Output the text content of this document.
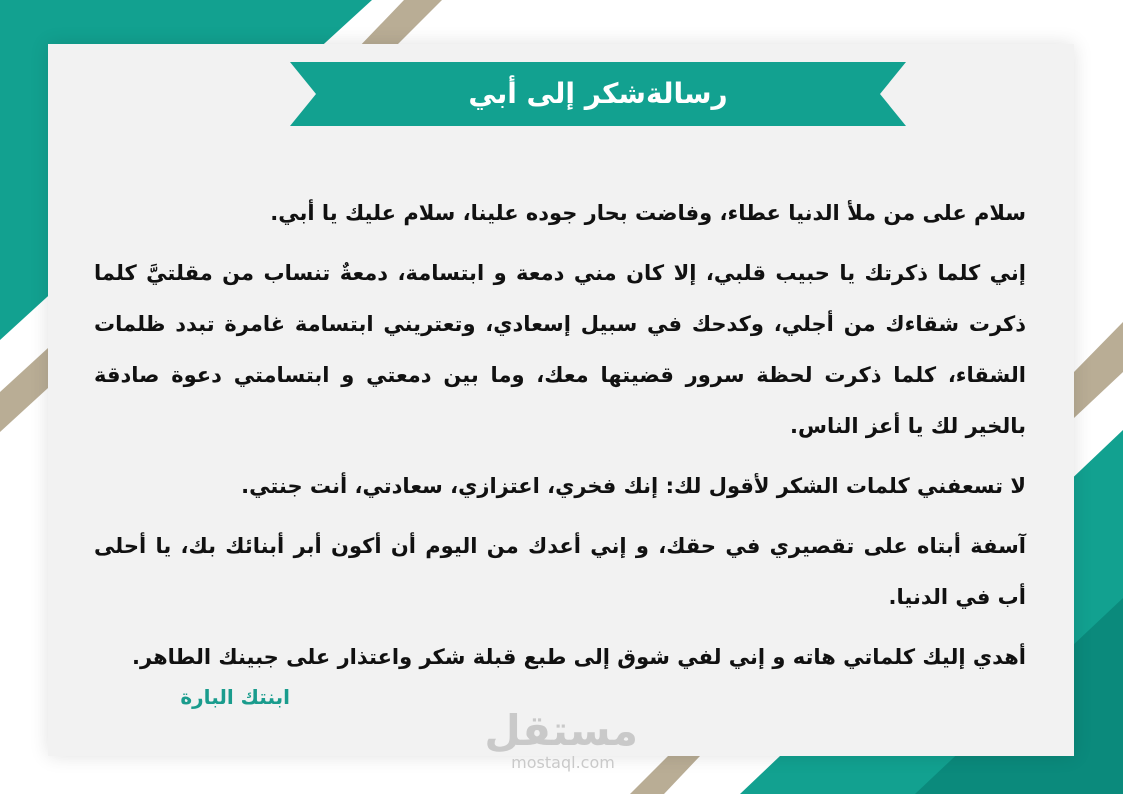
رسالةشكر إلى أبي

سلام على من ملأ الدنيا عطاء، وفاضت بحار جوده علينا، سلام عليك يا أبي.

إني كلما ذكرتك يا حبيب قلبي، إلا كان مني دمعة و ابتسامة، دمعةٌ تنساب من مقلتيَّ كلما ذكرت شقاءك من أجلي، وكدحك في سبيل إسعادي، وتعتريني ابتسامة غامرة تبدد ظلمات الشقاء، كلما ذكرت لحظة سرور قضيتها معك، وما بين دمعتي و ابتسامتي دعوة صادقة بالخير لك يا أعز الناس.

لا تسعفني كلمات الشكر لأقول لك: إنك فخري، اعتزازي، سعادتي، أنت جنتي.

آسفة أبتاه على تقصيري في حقك، و إني أعدك من اليوم أن أكون أبر أبنائك بك، يا أحلى أب في الدنيا.

أهدي إليك كلماتي هاته و إني لفي شوق إلى طبع قبلة شكر واعتذار على جبينك الطاهر.

ابنتك البارة
مستقل
mostaql.com
